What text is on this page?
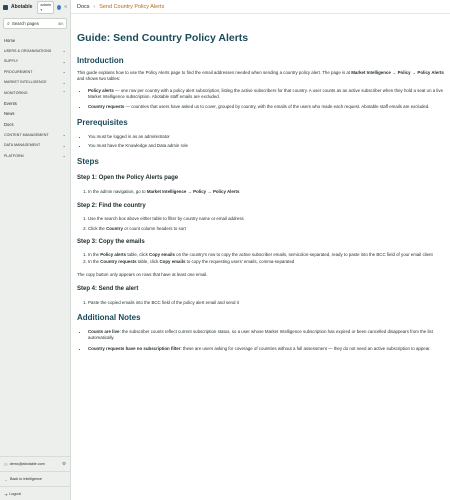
Abotable	admin ▾	«
⌕
Search pages	⌘K
Home
USERS & ORGANISATIONS	⌄
SUPPLY	⌄
PROCUREMENT	⌄
MARKET INTELLIGENCE	⌄
MONITORING	⌃
Events
News
Docs
CONTENT MANAGEMENT	⌄
DATA MANAGEMENT	⌄
PLATFORM	⌄
⚇ demo@abotable.com	⚙
← Back to Intelligence
⇥ Logout
Docs › Send Country Policy Alerts
Guide: Send Country Policy Alerts
Introduction

This guide explains how to use the Policy Alerts page to find the email addresses needed when sending a country policy alert. The page is at Market Intelligence → Policy → Policy Alerts and shows two tables:

• Policy alerts — one row per country with a policy alert subscription, listing the active subscribers for that country. A user counts as an active subscriber when they hold a seat on a live Market Intelligence subscription. Abotable staff emails are excluded.
• Country requests — countries that users have asked us to cover, grouped by country, with the emails of the users who made each request. Abotable staff emails are excluded.
Prerequisites
• You must be logged in as an administrator
• You must have the Knowledge and Data admin role
Steps
Step 1: Open the Policy Alerts page
1. In the admin navigation, go to Market Intelligence → Policy → Policy Alerts
Step 2: Find the country
1. Use the search box above either table to filter by country name or email address
2. Click the Country or count column headers to sort
Step 3: Copy the emails
1. In the Policy alerts table, click Copy emails on the country's row to copy the active subscriber emails, semicolon-separated, ready to paste into the BCC field of your email client
2. In the Country requests table, click Copy emails to copy the requesting users' emails, comma-separated

The copy button only appears on rows that have at least one email.

Step 4: Send the alert
1. Paste the copied emails into the BCC field of the policy alert email and send it
Additional Notes
• Counts are live: the subscriber counts reflect current subscription status, so a user whose Market Intelligence subscription has expired or been cancelled disappears from the list automatically.
• Country requests have no subscription filter: these are users asking for coverage of countries without a full assessment — they do not need an active subscription to appear.
